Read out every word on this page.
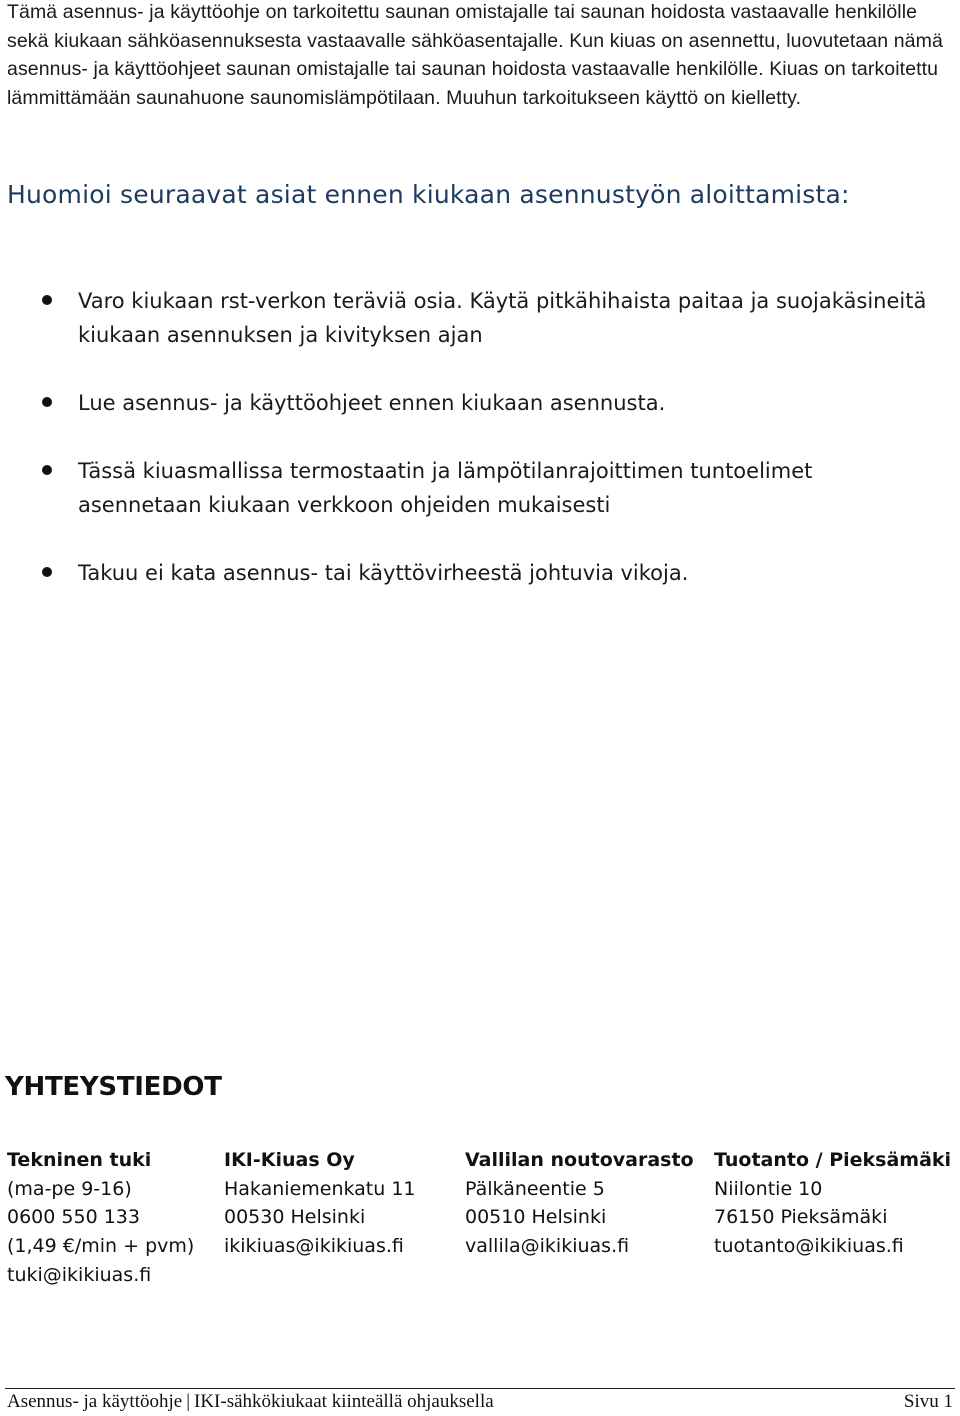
Tämä asennus- ja käyttöohje on tarkoitettu saunan omistajalle tai saunan hoidosta vastaavalle henkilölle sekä kiukaan sähköasennuksesta vastaavalle sähköasentajalle. Kun kiuas on asennettu, luovutetaan nämä asennus- ja käyttöohjeet saunan omistajalle tai saunan hoidosta vastaavalle henkilölle. Kiuas on tarkoitettu lämmittämään saunahuone saunomislämpötilaan. Muuhun tarkoitukseen käyttö on kielletty.

Huomioi seuraavat asiat ennen kiukaan asennustyön aloittamista:
Varo kiukaan rst-verkon teräviä osia. Käytä pitkähihaista paitaa ja suojakäsineitä kiukaan asennuksen ja kivityksen ajan
Lue asennus- ja käyttöohjeet ennen kiukaan asennusta.
Tässä kiuasmallissa termostaatin ja lämpötilanrajoittimen tuntoelimet asennetaan kiukaan verkkoon ohjeiden mukaisesti
Takuu ei kata asennus- tai käyttövirheestä johtuvia vikoja.
YHTEYSTIEDOT
Tekninen tuki
(ma-pe 9-16)
0600 550 133
(1,49 €/min + pvm)
tuki@ikikiuas.fi
IKI-Kiuas Oy
Hakaniemenkatu 11
00530 Helsinki
ikikiuas@ikikiuas.fi
Vallilan noutovarasto
Pälkäneentie 5
00510 Helsinki
vallila@ikikiuas.fi
Tuotanto / Pieksämäki
Niilontie 10
76150 Pieksämäki
tuotanto@ikikiuas.fi
Asennus- ja käyttöohje | IKI-sähkökiukaat kiinteällä ohjauksella	Sivu 1
